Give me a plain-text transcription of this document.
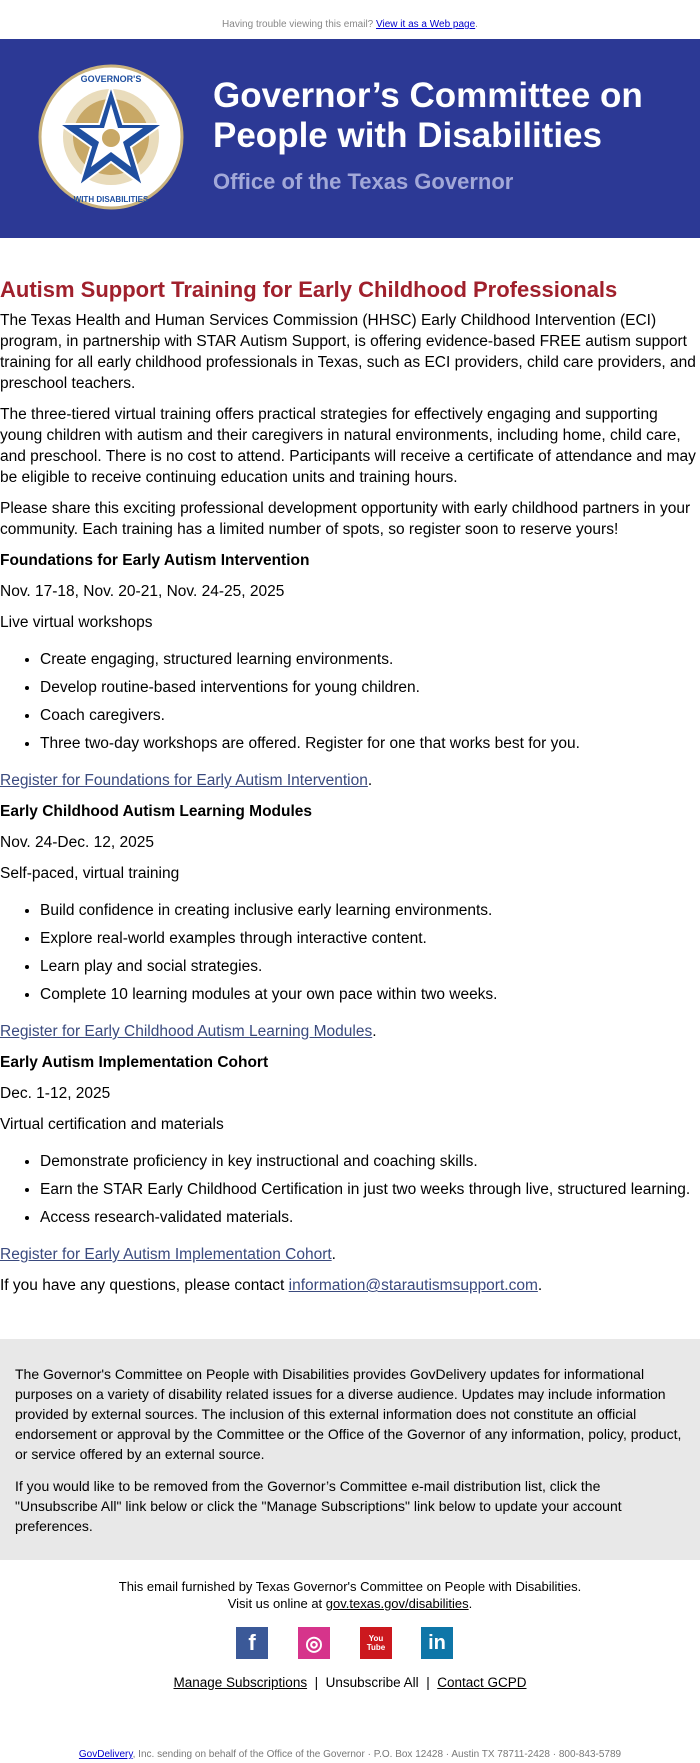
Having trouble viewing this email? View it as a Web page.
GOVERNOR'S
WITH DISABILITIES
Governor’s Committee on
People with Disabilities
Office of the Texas Governor
Autism Support Training for Early Childhood Professionals

The Texas Health and Human Services Commission (HHSC) Early Childhood Intervention (ECI) program, in partnership with STAR Autism Support, is offering evidence-based FREE autism support training for all early childhood professionals in Texas, such as ECI providers, child care providers, and preschool teachers.

The three-tiered virtual training offers practical strategies for effectively engaging and supporting young children with autism and their caregivers in natural environments, including home, child care, and preschool. There is no cost to attend. Participants will receive a certificate of attendance and may be eligible to receive continuing education units and training hours.

Please share this exciting professional development opportunity with early childhood partners in your community. Each training has a limited number of spots, so register soon to reserve yours!

Foundations for Early Autism Intervention

Nov. 17-18, Nov. 20-21, Nov. 24-25, 2025

Live virtual workshops

• Create engaging, structured learning environments.
• Develop routine-based interventions for young children.
• Coach caregivers.
• Three two-day workshops are offered. Register for one that works best for you.

Register for Foundations for Early Autism Intervention.

Early Childhood Autism Learning Modules

Nov. 24-Dec. 12, 2025

Self-paced, virtual training

• Build confidence in creating inclusive early learning environments.
• Explore real-world examples through interactive content.
• Learn play and social strategies.
• Complete 10 learning modules at your own pace within two weeks.

Register for Early Childhood Autism Learning Modules.

Early Autism Implementation Cohort

Dec. 1-12, 2025

Virtual certification and materials

• Demonstrate proficiency in key instructional and coaching skills.
• Earn the STAR Early Childhood Certification in just two weeks through live, structured learning.
• Access research-validated materials.

Register for Early Autism Implementation Cohort.

If you have any questions, please contact information@starautismsupport.com.

The Governor's Committee on People with Disabilities provides GovDelivery updates for informational purposes on a variety of disability related issues for a diverse audience. Updates may include information provided by external sources. The inclusion of this external information does not constitute an official endorsement or approval by the Committee or the Office of the Governor of any information, policy, product, or service offered by an external source.

If you would like to be removed from the Governor’s Committee e-mail distribution list, click the "Unsubscribe All" link below or click the "Manage Subscriptions" link below to update your account preferences.

This email furnished by Texas Governor's Committee on People with Disabilities.
Visit us online at gov.texas.gov/disabilities.
f	◎	You Tube	in
Manage Subscriptions | Unsubscribe All | Contact GCPD
GovDelivery, Inc. sending on behalf of the Office of the Governor · P.O. Box 12428 · Austin TX 78711-2428 · 800-843-5789
